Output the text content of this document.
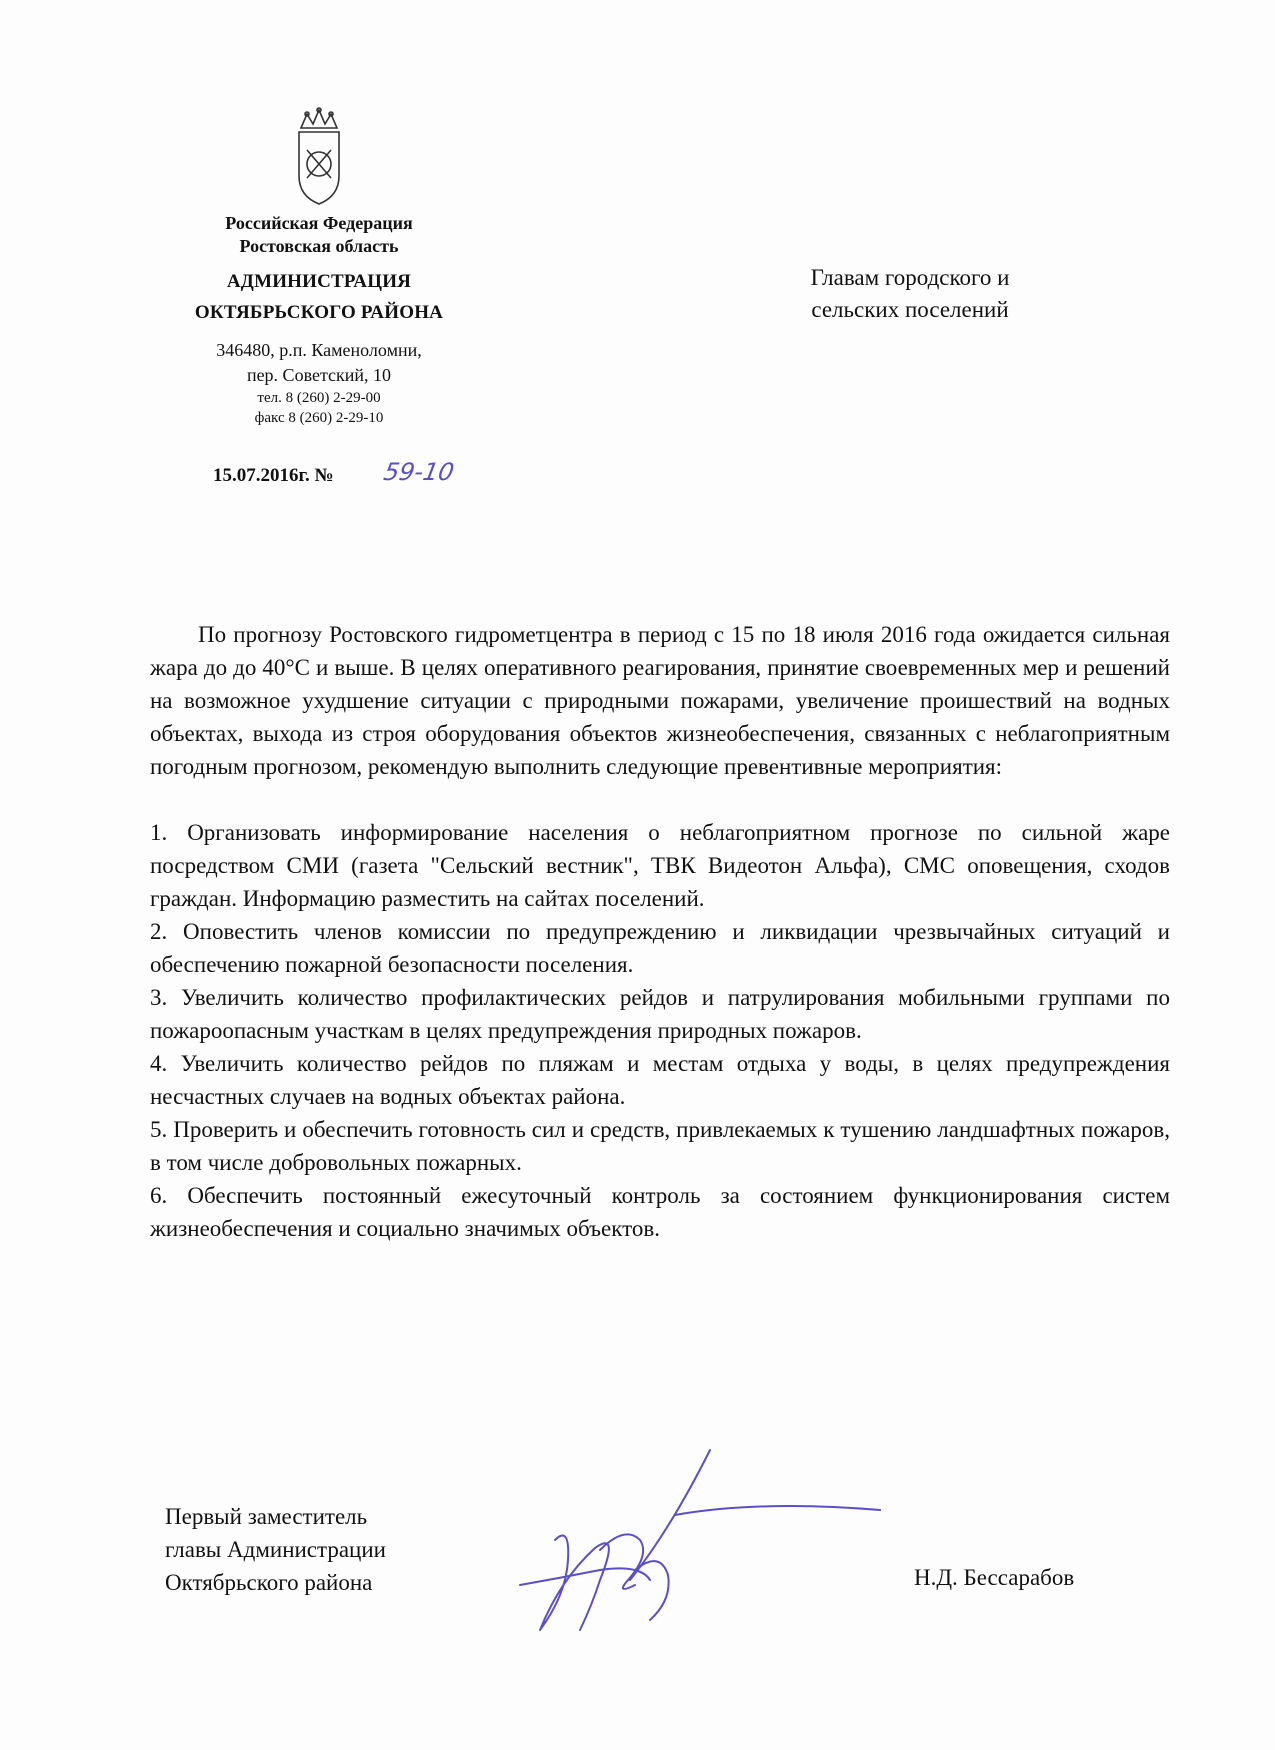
Российская Федерация
Ростовская область
АДМИНИСТРАЦИЯ
ОКТЯБРЬСКОГО РАЙОНА
346480, р.п. Каменоломни,
пер. Советский, 10
тел. 8 (260) 2-29-00
факс 8 (260) 2-29-10
15.07.2016г. № 59-10
Главам городского и
сельских поселений

По прогнозу Ростовского гидрометцентра в период с 15 по 18 июля 2016 года ожидается сильная жара до до 40°С и выше. В целях оперативного реагирования, принятие своевременных мер и решений на возможное ухудшение ситуации с природными пожарами, увеличение проишествий на водных объектах, выхода из строя оборудования объектов жизнеобеспечения, связанных с неблагоприятным погодным прогнозом, рекомендую выполнить следующие превентивные мероприятия:

1. Организовать информирование населения о неблагоприятном прогнозе по сильной жаре посредством СМИ (газета "Сельский вестник", ТВК Видеотон Альфа), СМС оповещения, сходов граждан. Информацию разместить на сайтах поселений.

2. Оповестить членов комиссии по предупреждению и ликвидации чрезвычайных ситуаций и обеспечению пожарной безопасности поселения.

3. Увеличить количество профилактических рейдов и патрулирования мобильными группами по пожароопасным участкам в целях предупреждения природных пожаров.

4. Увеличить количество рейдов по пляжам и местам отдыха у воды, в целях предупреждения несчастных случаев на водных объектах района.

5. Проверить и обеспечить готовность сил и средств, привлекаемых к тушению ландшафтных пожаров, в том числе добровольных пожарных.

6. Обеспечить постоянный ежесуточный контроль за состоянием функционирования систем жизнеобеспечения и социально значимых объектов.

Первый заместитель
главы Администрации
Октябрьского района	Н.Д. Бессарабов
